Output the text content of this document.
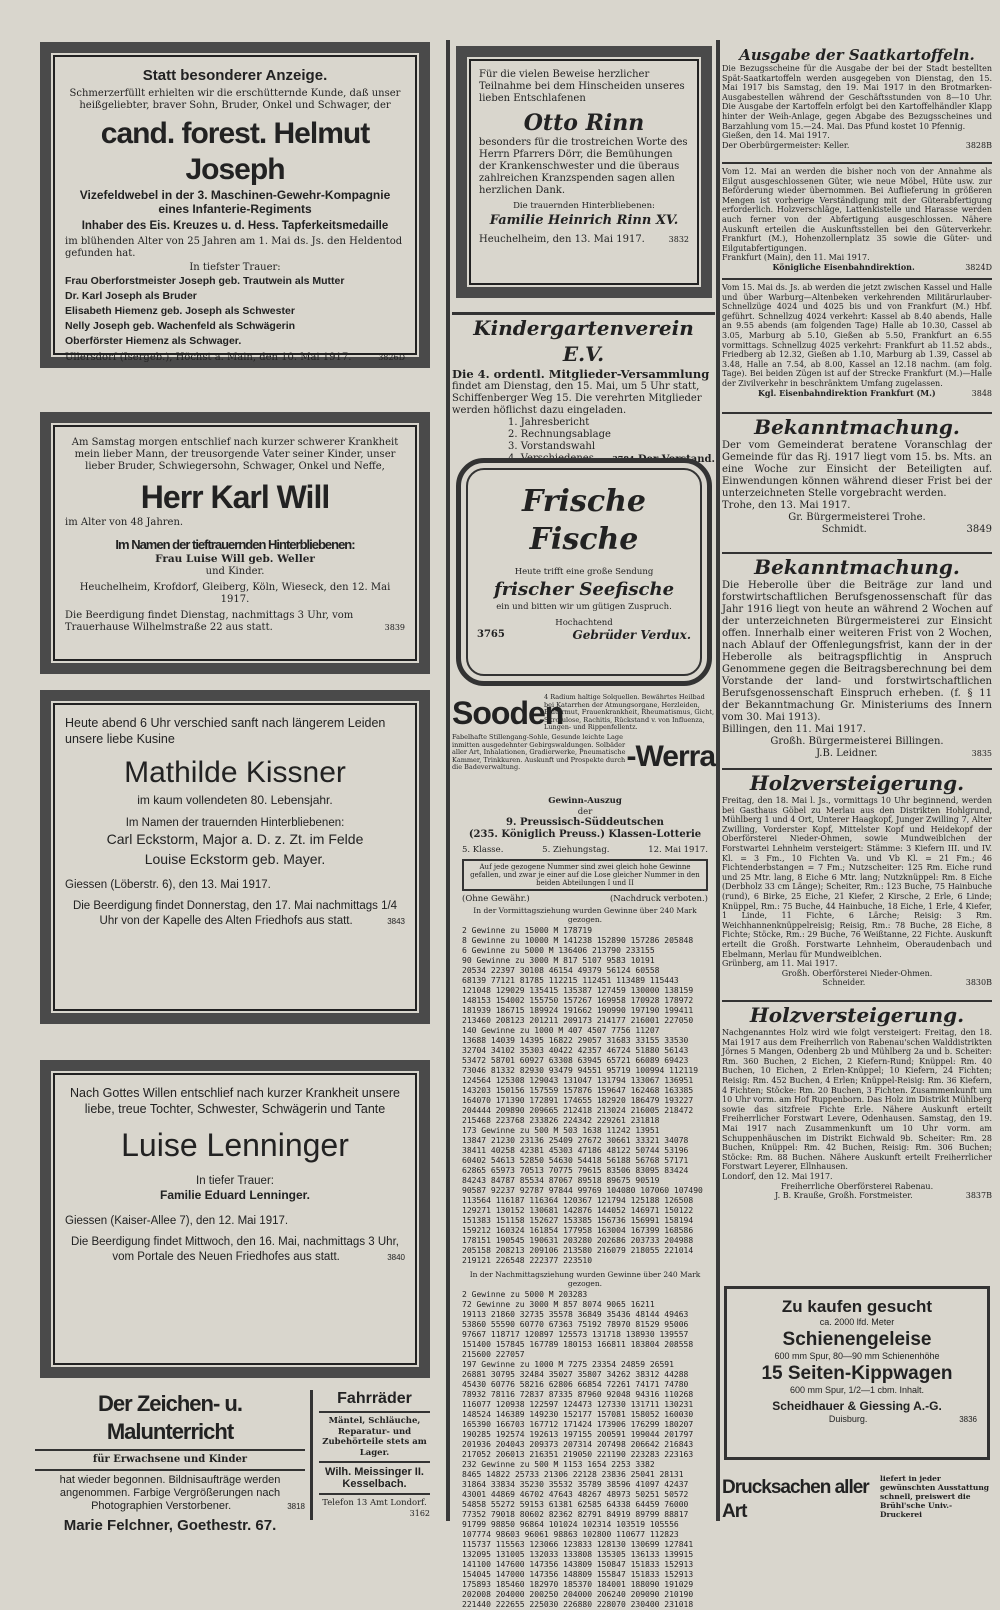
Statt besonderer Anzeige.

Schmerzerfüllt erhielten wir die erschütternde Kunde, daß unser heißgeliebter, braver Sohn, Bruder, Onkel und Schwager, der

cand. forest. Helmut Joseph

Vizefeldwebel in der 3. Maschinen-Gewehr-Kompagnie eines Infanterie-Regiments

Inhaber des Eis. Kreuzes u. d. Hess. Tapferkeitsmedaille

im blühenden Alter von 25 Jahren am 1. Mai ds. Js. den Heldentod gefunden hat.

In tiefster Trauer:

Frau Oberforstmeister Joseph geb. Trautwein als Mutter

Dr. Karl Joseph als Bruder

Elisabeth Hiemenz geb. Joseph als Schwester

Nelly Joseph geb. Wachenfeld als Schwägerin

Oberförster Hiemenz als Schwager.

Ullersdorf (Isergeb.), Höchst a. Main, den 10. Mai 1917.	3826D

Am Samstag morgen entschlief nach kurzer schwerer Krankheit mein lieber Mann, der treusorgende Vater seiner Kinder, unser lieber Bruder, Schwiegersohn, Schwager, Onkel und Neffe,

Herr Karl Will

im Alter von 48 Jahren.

Im Namen der tieftrauernden Hinterbliebenen:

Frau Luise Will geb. Weller

und Kinder.

Heuchelheim, Krofdorf, Gleiberg, Köln, Wieseck, den 12. Mai 1917.

Die Beerdigung findet Dienstag, nachmittags 3 Uhr, vom Trauerhause Wilhelmstraße 22 aus statt.	3839

Heute abend 6 Uhr verschied sanft nach längerem Leiden unsere liebe Kusine

Mathilde Kissner

im kaum vollendeten 80. Lebensjahr.

Im Namen der trauernden Hinterbliebenen:

Carl Eckstorm, Major a. D. z. Zt. im Felde

Louise Eckstorm geb. Mayer.

Giessen (Löberstr. 6), den 13. Mai 1917.

Die Beerdigung findet Donnerstag, den 17. Mai nachmittags 1/4 Uhr von der Kapelle des Alten Friedhofs aus statt.	3843

Nach Gottes Willen entschlief nach kurzer Krankheit unsere liebe, treue Tochter, Schwester, Schwägerin und Tante

Luise Lenninger

In tiefer Trauer:

Familie Eduard Lenninger.

Giessen (Kaiser-Allee 7), den 12. Mai 1917.

Die Beerdigung findet Mittwoch, den 16. Mai, nachmittags 3 Uhr, vom Portale des Neuen Friedhofes aus statt.	3840

Der Zeichen- u. Malunterricht

für Erwachsene und Kinder

hat wieder begonnen. Bildnisaufträge werden angenommen. Farbige Vergrößerungen nach Photographien Verstorbener.	3818

Marie Felchner, Goethestr. 67.

Fahrräder

Mäntel, Schläuche, Reparatur- und Zubehörteile stets am Lager.

Wilh. Meissinger II.

Kesselbach.

Telefon 13 Amt Londorf.
3162

Für die vielen Beweise herzlicher Teilnahme bei dem Hinscheiden unseres lieben Entschlafenen

Otto Rinn

besonders für die trostreichen Worte des Herrn Pfarrers Dörr, die Bemühungen der Krankenschwester und die überaus zahlreichen Kranzspenden sagen allen herzlichen Dank.

Die trauernden Hinterbliebenen:

Familie Heinrich Rinn XV.

Heuchelheim, den 13. Mai 1917.	3832

Kindergartenverein E.V.

Die 4. ordentl. Mitglieder-Versammlung

findet am Dienstag, den 15. Mai, um 5 Uhr statt, Schiffenberger Weg 15. Die verehrten Mitglieder werden höflichst dazu eingeladen.

1. Jahresbericht

2. Rechnungsablage

3. Vorstandswahl

4. Verschiedenes.	3784 Der Vorstand.

Frische Fische

Heute trifft eine große Sendung

frischer Seefische

ein und bitten wir um gütigen Zuspruch.

Hochachtend

3765	Gebrüder Verdux.

Sooden

-Werra

4 Radium haltige Solquellen. Bewährtes Heilbad bei Katarrhen der Atmungsorgane, Herzleiden, Blutarmut, Frauenkrankheit, Rheumatismus, Gicht, Skrofulose, Rachitis, Rückstand v. von Influenza, Lungen- und Rippenfellentz.

Fabelhafte Stillengang-Sohle, Gesunde leichte Lage inmitten ausgedehnter Gebirgswaldungen. Solbäder aller Art, Inhalationen, Gradierwerke, Pneumatische Kammer, Trinkkuren. Auskunft und Prospekte durch die Badeverwaltung.

Gewinn-Auszug

der

9. Preussisch-Süddeutschen

(235. Königlich Preuss.) Klassen-Lotterie

5. Klasse.	5. Ziehungstag.	12. Mai 1917.

Auf jede gezogene Nummer sind zwei gleich hohe Gewinne gefallen, und zwar je einer auf die Lose gleicher Nummer in den beiden Abteilungen I und II

(Ohne Gewähr.)	(Nachdruck verboten.)

In der Vormittagsziehung wurden Gewinne über 240 Mark gezogen.

2 Gewinne zu 15000 M 178719

8 Gewinne zu 10000 M 141238 152890 157286 205848

6 Gewinne zu 5000 M 136406 213790 233155

90 Gewinne zu 3000 M 817 5107 9583 10191

20534 22397 30108 46154 49379 56124 60558

68139 77121 81785 112215 112451 113489 115443

121048 129029 135415 135387 127459 130000 138159

148153 154002 155750 157267 169958 170928 178972

181939 186715 189924 191662 190990 197190 199411

213460 208123 201211 209173 214177 216001 227050

140 Gewinne zu 1000 M 407 4507 7756 11207

13688 14039 14395 16822 29057 31683 33155 33530

32704 34102 35303 40422 42357 46724 51880 56143

53472 58701 60927 63308 63945 65721 66089 69423

73046 81332 82930 93479 94551 95719 100994 112119

124564 125308 129043 131047 131794 133067 136951

143203 150156 157559 157876 159647 162468 163385

164070 171390 172891 174655 182920 186479 193227

204444 209890 209665 212418 213024 216005 218472

215468 223768 233826 224342 229261 231818

173 Gewinne zu 500 M 503 1638 11242 13951

13847 21230 23136 25409 27672 30661 33321 34078

38411 40258 42381 45303 47186 48122 50744 53196

60402 54613 52850 54630 54418 56188 56768 57171

62865 65973 70513 70775 79615 83506 83095 83424

84243 84787 85534 87067 89518 89675 90519

90587 92237 92787 97844 99769 104080 107060 107490

113564 116187 116364 120367 121794 125188 126508

129271 130152 130681 142876 144052 146971 150122

151383 151158 152627 153385 156736 156991 158194

159212 160324 161854 177958 163004 167399 168586

178151 190545 190631 203280 202686 203733 204988

205158 208213 209106 213580 216079 218055 221014

219121 226548 222377 223510

In der Nachmittagsziehung wurden Gewinne über 240 Mark gezogen.

2 Gewinne zu 5000 M 203283

72 Gewinne zu 3000 M 857 8074 9065 16211

19113 21860 32735 35578 36849 35436 48144 49463

53860 55590 60770 67363 75192 78970 81529 95006

97667 118717 120897 125573 131718 138930 139557

151400 157845 167789 180153 166811 183804 208558

215600 227057

197 Gewinne zu 1000 M 7275 23354 24859 26591

26881 30795 32484 35027 35807 34262 38312 44288

45430 60776 58216 62806 66854 72261 74171 74780

78932 78116 72837 87335 87960 92048 94316 110268

116077 120938 122597 124473 127330 131711 130231

148524 146389 149230 152177 157081 158052 160030

165390 166703 167712 171424 173906 176299 180207

190285 192574 192613 197155 200591 199044 201797

201936 204043 209373 207314 207498 206642 216843

217052 206013 216351 219050 221190 223283 223163

232 Gewinne zu 500 M 1153 1654 2253 3382

8465 14822 25733 21306 22128 23836 25041 28131

31864 33834 35230 35532 35789 38596 41097 42437

43001 44869 46702 47643 48267 48973 50251 50572

54858 55272 59153 61381 62585 64338 64459 76000

77352 79018 80602 82362 82791 84919 89799 88817

91799 98850 96864 101024 102314 103519 105556

107774 98603 96061 98863 102800 110677 112823

115737 115563 123066 123833 128130 130699 127841

132095 131005 132033 133808 135305 136133 139915

141100 147600 147356 143809 150847 151833 152913

154045 147000 147356 148809 155847 151833 152913

175893 185460 182970 185370 184001 188090 191029

202008 204000 200250 204000 206240 209090 210190

221440 222655 225030 226880 228070 230400 231018

Ausgabe der Saatkartoffeln.

Die Bezugsscheine für die Ausgabe der bei der Stadt bestellten Spät-Saatkartoffeln werden ausgegeben von Dienstag, den 15. Mai 1917 bis Samstag, den 19. Mai 1917 in den Brotmarken-Ausgabestellen während der Geschäftsstunden von 8—10 Uhr. Die Ausgabe der Kartoffeln erfolgt bei den Kartoffelhändler Klapp hinter der Weih-Anlage, gegen Abgabe des Bezugsscheines und Barzahlung vom 15.—24. Mai. Das Pfund kostet 10 Pfennig.

Gießen, den 14. Mai 1917.

Der Oberbürgermeister: Keller.	3828B

Vom 12. Mai an werden die bisher noch von der Annahme als Eilgut ausgeschlossenen Güter, wie neue Möbel, Hüte usw. zur Beförderung wieder übernommen. Bei Auflieferung in größeren Mengen ist vorherige Verständigung mit der Güterabfertigung erforderlich. Holzverschläge, Lattenkistelle und Harasse werden auch ferner von der Abfertigung ausgeschlossen. Nähere Auskunft erteilen die Auskunftsstellen bei den Güterverkehr. Frankfurt (M.), Hohenzollernplatz 35 sowie die Güter- und Eilgutabfertigungen.

Frankfurt (Main), den 11. Mai 1917.

Königliche Eisenbahndirektion.	3824D

Vom 15. Mai ds. Js. ab werden die jetzt zwischen Kassel und Halle und über Warburg—Altenbeken verkehrenden Militärurlauber-Schnellzüge 4024 und 4025 bis und von Frankfurt (M.) Hbf. geführt. Schnellzug 4024 verkehrt: Kassel ab 8.40 abends, Halle an 9.55 abends (am folgenden Tage) Halle ab 10.30, Cassel ab 3.05, Marburg ab 5.10, Gießen ab 5.50, Frankfurt an 6.55 vormittags. Schnellzug 4025 verkehrt: Frankfurt ab 11.52 abds., Friedberg ab 12.32, Gießen ab 1.10, Marburg ab 1.39, Cassel ab 3.48, Halle an 7.54, ab 8.00, Kassel an 12.18 nachm. (am folg. Tage). Bei beiden Zügen ist auf der Strecke Frankfurt (M.)—Halle der Zivilverkehr in beschränktem Umfang zugelassen.

Kgl. Eisenbahndirektion Frankfurt (M.)	3848

Bekanntmachung.

Der vom Gemeinderat beratene Voranschlag der Gemeinde für das Rj. 1917 liegt vom 15. bs. Mts. an eine Woche zur Einsicht der Beteiligten auf. Einwendungen können während dieser Frist bei der unterzeichneten Stelle vorgebracht werden.

Trohe, den 13. Mai 1917.

Gr. Bürgermeisterei Trohe.

Schmidt.	3849

Bekanntmachung.

Die Heberolle über die Beiträge zur land und forstwirtschaftlichen Berufsgenossenschaft für das Jahr 1916 liegt von heute an während 2 Wochen auf der unterzeichneten Bürgermeisterei zur Einsicht offen. Innerhalb einer weiteren Frist von 2 Wochen, nach Ablauf der Offenlegungsfrist, kann der in der Heberolle als beitragspflichtig in Anspruch Genommene gegen die Beitragsberechnung bei dem Vorstande der land- und forstwirtschaftlichen Berufsgenossenschaft Einspruch erheben. (f. § 11 der Bekanntmachung Gr. Ministeriums des Innern vom 30. Mai 1913).

Billingen, den 11. Mai 1917.

Großh. Bürgermeisterei Billingen.

J.B. Leidner.	3835

Holzversteigerung.

Freitag, den 18. Mai l. Js., vormittags 10 Uhr beginnend, werden bei Gasthaus Göbel zu Merlau aus den Distrikten Hohlgrund, Mühlberg 1 und 4 Ort, Unterer Haagkopf, Junger Zwilling 7, Alter Zwilling, Vorderster Kopf, Mittelster Kopf und Heidekopf der Oberförsterei Nieder-Ohmen, sowie Mundweiblchen der Forstwartei Lehnheim versteigert: Stämme: 3 Kiefern III. und IV. Kl. = 3 Fm., 10 Fichten Va. und Vb Kl. = 21 Fm.; 46 Fichtenderbstangen = 7 Fm.; Nutzscheiter: 125 Rm. Eiche rund und 25 Mtr. lang, 8 Eiche 6 Mtr. lang; Nutzknüppel: Rm. 8 Eiche (Derbholz 33 cm Länge); Scheiter, Rm.: 123 Buche, 75 Hainbuche (rund), 6 Birke, 25 Eiche, 21 Kiefer, 2 Kirsche, 2 Erle, 6 Linde; Knüppel, Rm.: 75 Buche, 44 Hainbuche, 18 Eiche, 1 Erle, 4 Kiefer, 1 Linde, 11 Fichte, 6 Lärche; Reisig: 3 Rm. Weichhannenknüppelreisig; Reisig, Rm.: 78 Buche, 28 Eiche, 8 Fichte; Stöcke, Rm.: 29 Buche, 76 Weißtanne, 22 Fichte. Auskunft erteilt die Großh. Forstwarte Lehnheim, Oberaudenbach und Ebelmann, Merlau für Mundweiblchen.

Grünberg, am 11. Mai 1917.

Großh. Oberförsterei Nieder-Ohmen.

Schneider.	3830B

Holzversteigerung.

Nachgenanntes Holz wird wie folgt versteigert: Freitag, den 18. Mai 1917 aus dem Freiherrlich von Rabenau'schen Walddistrikten Jörnes 5 Mangen, Odenberg 2b und Mühlberg 2a und b. Scheiter: Rm. 360 Buchen, 2 Eichen, 2 Kiefern-Rund; Knüppel: Rm. 40 Buchen, 10 Eichen, 2 Erlen-Knüppel; 10 Kiefern, 24 Fichten; Reisig: Rm. 452 Buchen, 4 Erlen; Knüppel-Reisig: Rm. 36 Kiefern, 4 Fichten; Stöcke: Rm. 20 Buchen, 3 Fichten. Zusammenkunft um 10 Uhr vorm. am Hof Ruppenborn. Das Holz im Distrikt Mühlberg sowie das sitzfreie Fichte Erle. Nähere Auskunft erteilt Freiherrlicher Forstwart Levere, Odenhausen. Samstag, den 19. Mai 1917 nach Zusammenkunft um 10 Uhr vorm. am Schuppenhäuschen im Distrikt Eichwald 9b. Scheiter: Rm. 28 Buchen, Knüppel: Rm. 42 Buchen, Reisig: Rm. 306 Buchen; Stöcke: Rm. 88 Buchen. Nähere Auskunft erteilt Freiherrlicher Forstwart Leyerer, Ellnhausen.

Londorf, den 12. Mai 1917.

Freiherrliche Oberförsterei Rabenau.

J. B. Krauße, Großh. Forstmeister.	3837B

Zu kaufen gesucht

ca. 2000 lfd. Meter

Schienengeleise

600 mm Spur, 80—90 mm Schienenhöhe

15 Seiten-Kippwagen

600 mm Spur, 1/2—1 cbm. Inhalt.

Scheidhauer & Giessing A.-G.

Duisburg.	3836

Drucksachen aller Art

liefert in jeder gewünschten Ausstattung schnell, preiswert die Brühl'sche Univ.-Druckerei
